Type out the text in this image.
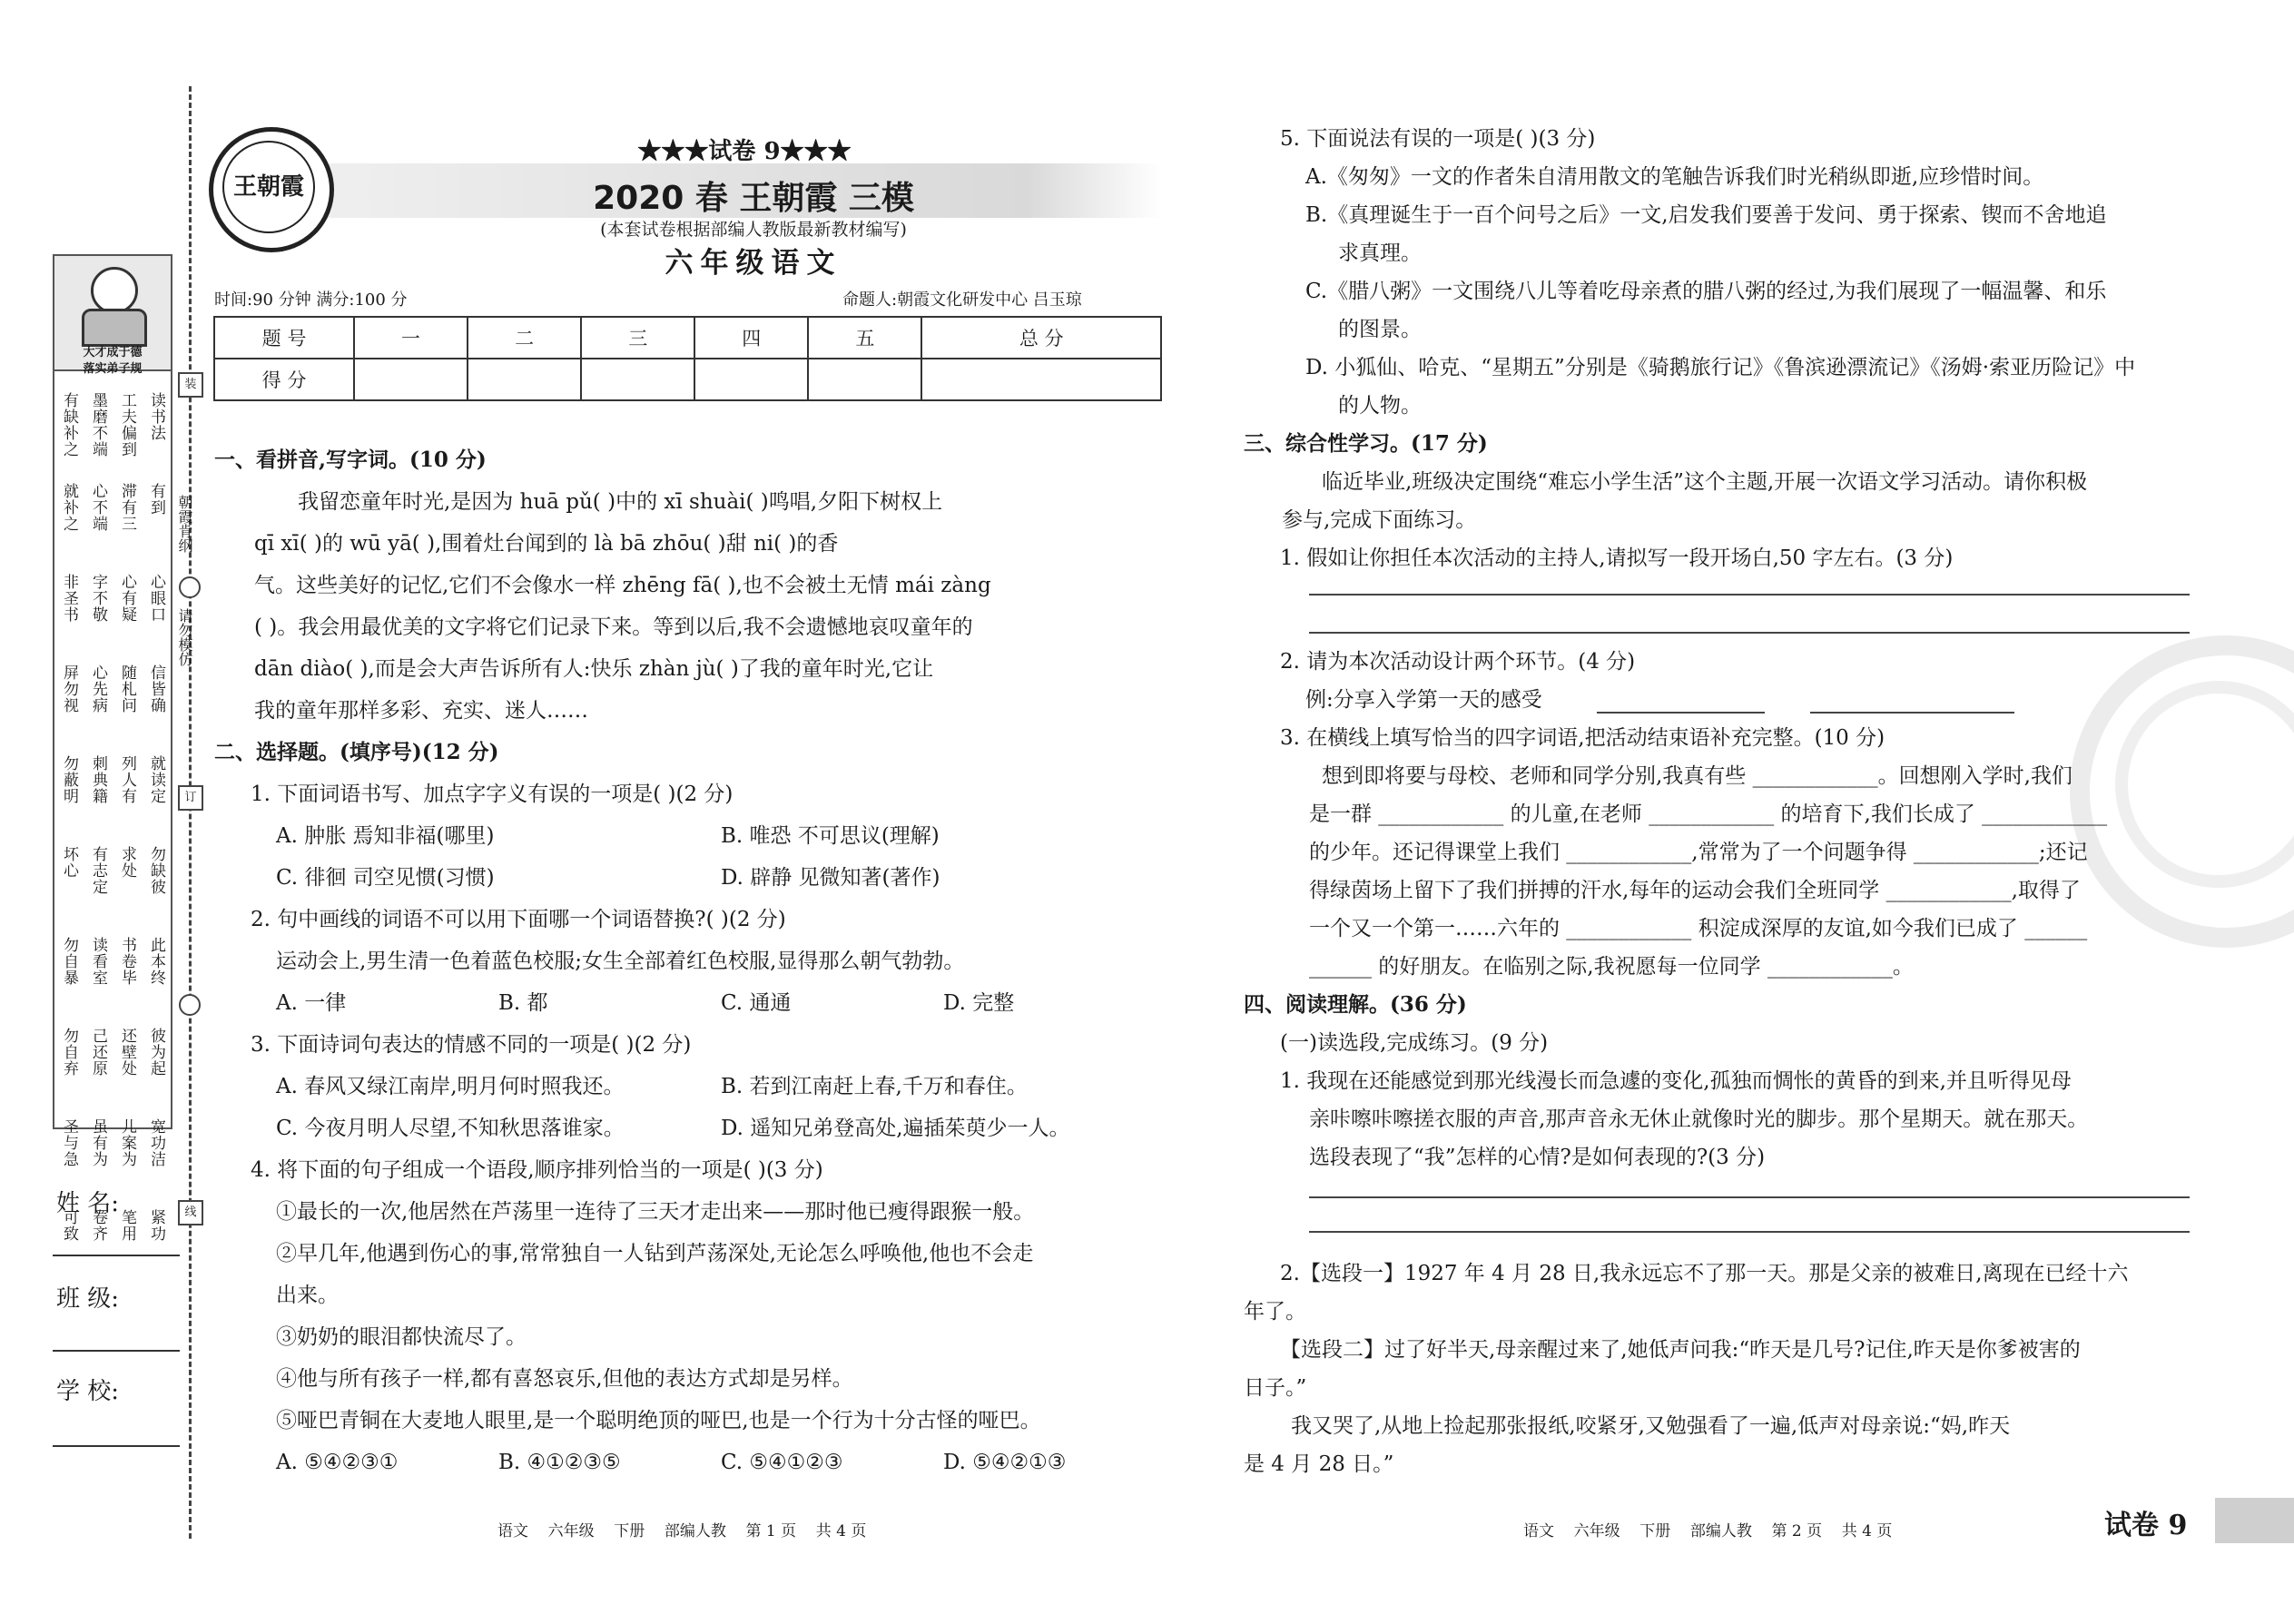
大才成于德
落实弟子规
有缺补之 墨磨不端 工夫偏到 读书法
就补之 心不端 滞有三 有到
非圣书 字不敬 心有疑 心眼口
屏勿视 心先病 随札问 信皆确
勿蔽明 刺典籍 列人有 就读定
坏心 有志定 求处 勿缺彼
勿自暴 读看室 书卷毕 此本终
勿自弃 己还原 还壁处 彼为起
圣与急 虽有为 儿案为 宽功洁
可致 卷齐 笔用 紧功
装
订
线
朝霞肯纲
请勿模仿
姓 名:
班 级:
学 校:
王朝霞
★★★试卷 9★★★
2020 春 王朝霞 三模
(本套试卷根据部编人教版最新教材编写)
六年级语文
时间:90 分钟 满分:100 分	命题人:朝霞文化研发中心 吕玉琼
题 号	一	二	三	四	五	总 分
得 分						
一、看拼音,写字词。(10 分)
我留恋童年时光,是因为 huā pǔ( )中的 xī shuài( )鸣唱,夕阳下树权上
qī xī( )的 wū yā( ),围着灶台闻到的 là bā zhōu( )甜 ni( )的香
气。这些美好的记忆,它们不会像水一样 zhēng fā( ),也不会被土无情 mái zàng
( )。我会用最优美的文字将它们记录下来。等到以后,我不会遗憾地哀叹童年的
dān diào( ),而是会大声告诉所有人:快乐 zhàn jù( )了我的童年时光,它让
我的童年那样多彩、充实、迷人……
二、选择题。(填序号)(12 分)
1. 下面词语书写、加点字字义有误的一项是( )(2 分)
A. 肿胀 焉知非福(哪里)	B. 唯恐 不可思议(理解)
C. 徘徊 司空见惯(习惯)	D. 辟静 见微知著(著作)
2. 句中画线的词语不可以用下面哪一个词语替换?( )(2 分)
运动会上,男生清一色着蓝色校服;女生全部着红色校服,显得那么朝气勃勃。
A. 一律	B. 都	C. 通通	D. 完整
3. 下面诗词句表达的情感不同的一项是( )(2 分)
A. 春风又绿江南岸,明月何时照我还。	B. 若到江南赶上春,千万和春住。
C. 今夜月明人尽望,不知秋思落谁家。	D. 遥知兄弟登高处,遍插茱萸少一人。
4. 将下面的句子组成一个语段,顺序排列恰当的一项是( )(3 分)
①最长的一次,他居然在芦荡里一连待了三天才走出来——那时他已瘦得跟猴一般。
②早几年,他遇到伤心的事,常常独自一人钻到芦荡深处,无论怎么呼唤他,他也不会走
出来。
③奶奶的眼泪都快流尽了。
④他与所有孩子一样,都有喜怒哀乐,但他的表达方式却是另样。
⑤哑巴青铜在大麦地人眼里,是一个聪明绝顶的哑巴,也是一个行为十分古怪的哑巴。
A. ⑤④②③①	B. ④①②③⑤	C. ⑤④①②③	D. ⑤④②①③
5. 下面说法有误的一项是( )(3 分)
A.《匆匆》一文的作者朱自清用散文的笔触告诉我们时光稍纵即逝,应珍惜时间。
B.《真理诞生于一百个问号之后》一文,启发我们要善于发问、勇于探索、锲而不舍地追
求真理。
C.《腊八粥》一文围绕八儿等着吃母亲煮的腊八粥的经过,为我们展现了一幅温馨、和乐
的图景。
D. 小狐仙、哈克、“星期五”分别是《骑鹅旅行记》《鲁滨逊漂流记》《汤姆·索亚历险记》中
的人物。
三、综合性学习。(17 分)
临近毕业,班级决定围绕“难忘小学生活”这个主题,开展一次语文学习活动。请你积极
参与,完成下面练习。
1. 假如让你担任本次活动的主持人,请拟写一段开场白,50 字左右。(3 分)
2. 请为本次活动设计两个环节。(4 分)
例:分享入学第一天的感受
3. 在横线上填写恰当的四字词语,把活动结束语补充完整。(10 分)
想到即将要与母校、老师和同学分别,我真有些 ____________。回想刚入学时,我们
是一群 ____________ 的儿童,在老师 ____________ 的培育下,我们长成了 ____________
的少年。还记得课堂上我们 ____________,常常为了一个问题争得 ____________;还记
得绿茵场上留下了我们拼搏的汗水,每年的运动会我们全班同学 ____________,取得了
一个又一个第一……六年的 ____________ 积淀成深厚的友谊,如今我们已成了 ______
______ 的好朋友。在临别之际,我祝愿每一位同学 ____________。
四、阅读理解。(36 分)
(一)读选段,完成练习。(9 分)
1. 我现在还能感觉到那光线漫长而急遽的变化,孤独而惆怅的黄昏的到来,并且听得见母
亲咔嚓咔嚓搓衣服的声音,那声音永无休止就像时光的脚步。那个星期天。就在那天。
选段表现了“我”怎样的心情?是如何表现的?(3 分)
2.【选段一】1927 年 4 月 28 日,我永远忘不了那一天。那是父亲的被难日,离现在已经十六
年了。
【选段二】过了好半天,母亲醒过来了,她低声问我:“昨天是几号?记住,昨天是你爹被害的
日子。”
我又哭了,从地上捡起那张报纸,咬紧牙,又勉强看了一遍,低声对母亲说:“妈,昨天
是 4 月 28 日。”
语文    六年级    下册    部编人教    第 1 页    共 4 页	语文    六年级    下册    部编人教    第 2 页    共 4 页	试卷 9
